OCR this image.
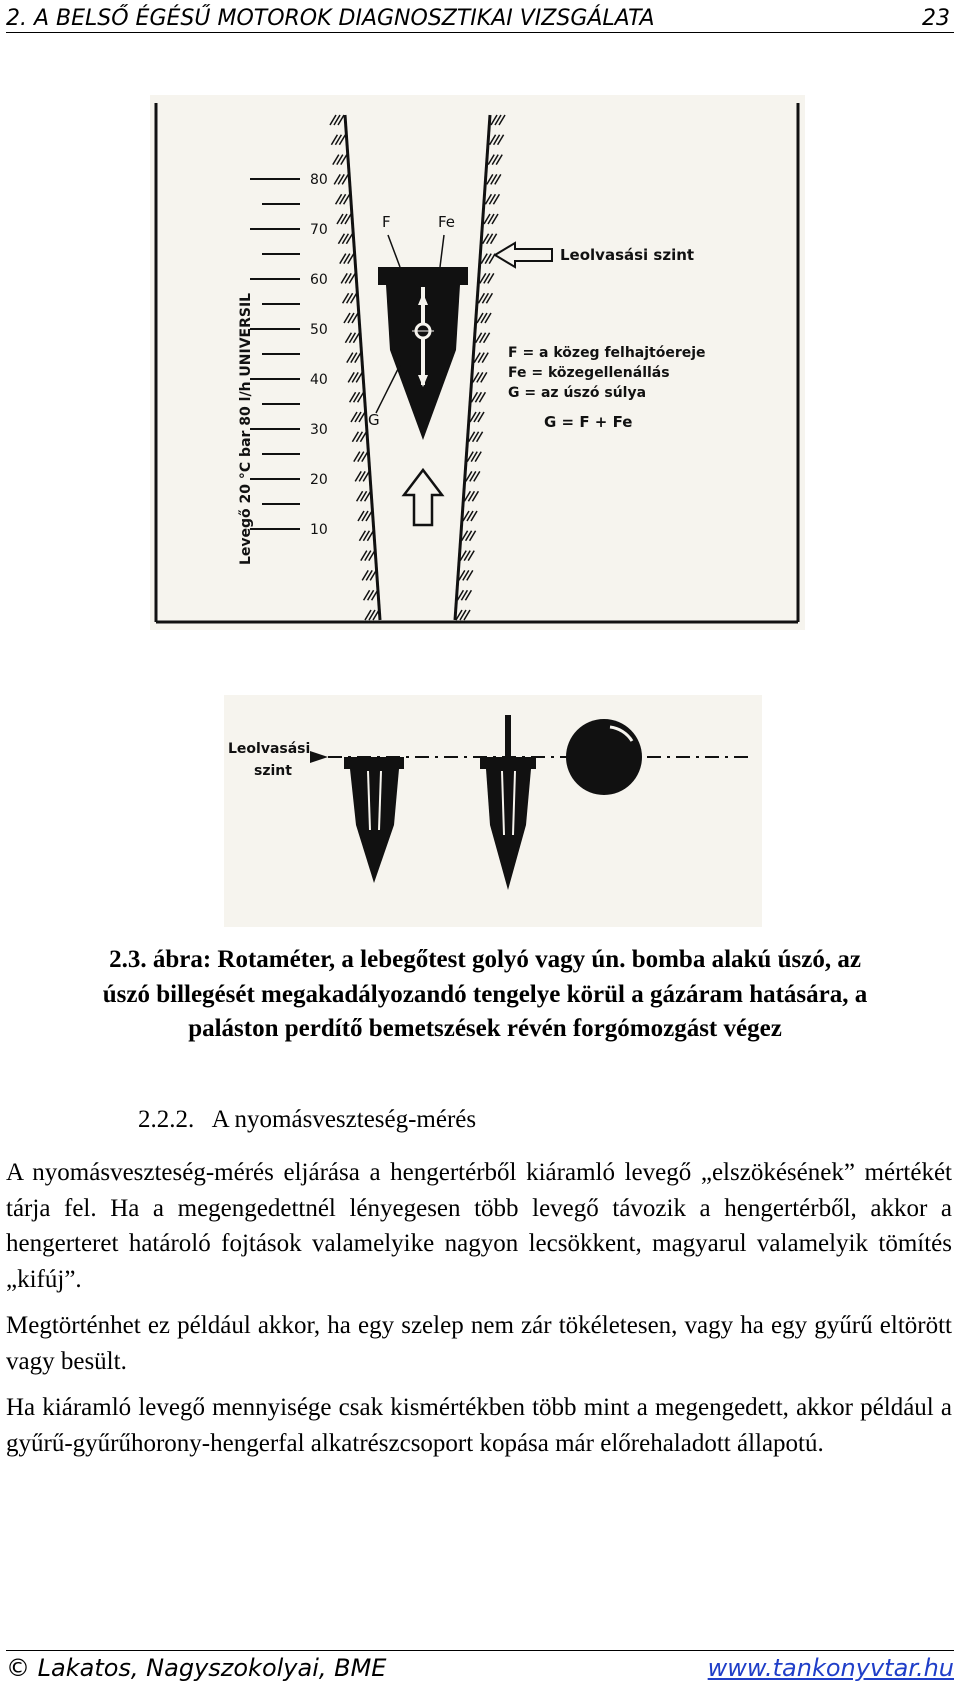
2. A BELSŐ ÉGÉSŰ MOTOROK DIAGNOSZTIKAI VIZSGÁLATA	23
80
70
60
50
40
30
20
10
Levegő 20 °C bar 80 l/h UNIVERSIL
F	Fe
G
Leolvasási szint
F = a közeg felhajtóereje
Fe = közegellenállás
G = az úszó súlya
G = F + Fe
Leolvasási
szint
2.3. ábra: Rotaméter, a lebegőtest golyó vagy ún. bomba alakú úszó, az úszó billegését megakadályozandó tengelye körül a gázáram hatására, a paláston perdítő bemetszések révén forgómozgást végez
2.2.2. A nyomásveszteség-mérés

A nyomásveszteség-mérés eljárása a hengertérből kiáramló levegő „elszökésének” mértékét tárja fel. Ha a megengedettnél lényegesen több levegő távozik a hengertérből, akkor a hengerteret határoló fojtások valamelyike nagyon lecsökkent, magyarul valamelyik tömítés „kifúj”.

Megtörténhet ez például akkor, ha egy szelep nem zár tökéletesen, vagy ha egy gyűrű eltörött vagy besült.

Ha kiáramló levegő mennyisége csak kismértékben több mint a megengedett, akkor például a gyűrű-gyűrűhorony-hengerfal alkatrészcsoport kopása már előrehaladott állapotú.

© Lakatos, Nagyszokolyai, BME	www.tankonyvtar.hu
